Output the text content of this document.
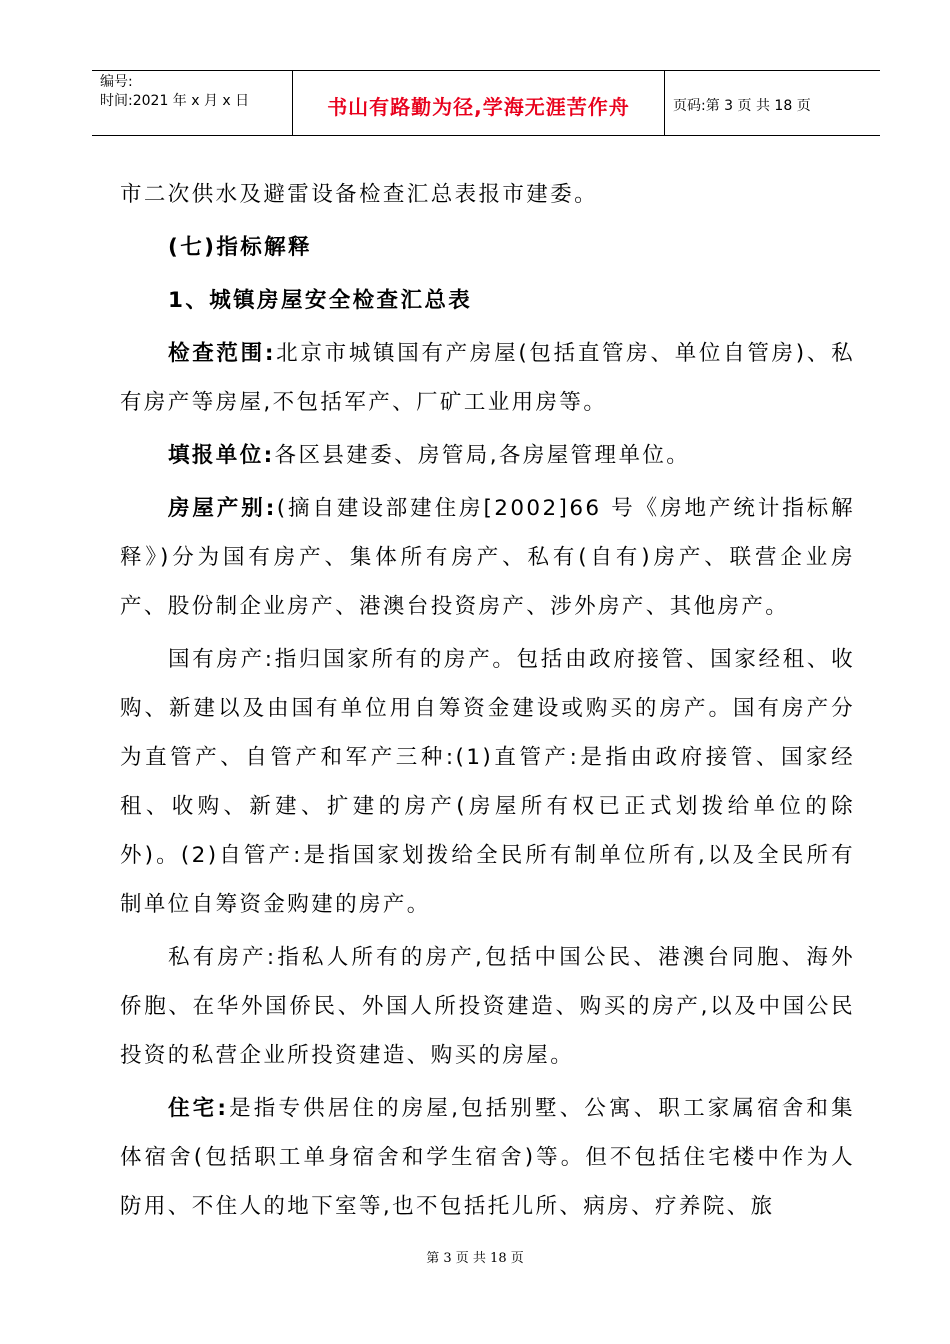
编号:
时间:2021 年 x 月 x 日	书山有路勤为径,学海无涯苦作舟	页码:第 3 页 共 18 页

市二次供水及避雷设备检查汇总表报市建委。

(七)指标解释

1、城镇房屋安全检查汇总表

检查范围:北京市城镇国有产房屋(包括直管房、单位自管房)、私有房产等房屋,不包括军产、厂矿工业用房等。

填报单位:各区县建委、房管局,各房屋管理单位。

房屋产别:(摘自建设部建住房[2002]66 号《房地产统计指标解释》)分为国有房产、集体所有房产、私有(自有)房产、联营企业房产、股份制企业房产、港澳台投资房产、涉外房产、其他房产。

国有房产:指归国家所有的房产。包括由政府接管、国家经租、收购、新建以及由国有单位用自筹资金建设或购买的房产。国有房产分为直管产、自管产和军产三种:(1)直管产:是指由政府接管、国家经租、收购、新建、扩建的房产(房屋所有权已正式划拨给单位的除外)。(2)自管产:是指国家划拨给全民所有制单位所有,以及全民所有制单位自筹资金购建的房产。

私有房产:指私人所有的房产,包括中国公民、港澳台同胞、海外侨胞、在华外国侨民、外国人所投资建造、购买的房产,以及中国公民投资的私营企业所投资建造、购买的房屋。

住宅:是指专供居住的房屋,包括别墅、公寓、职工家属宿舍和集体宿舍(包括职工单身宿舍和学生宿舍)等。但不包括住宅楼中作为人防用、不住人的地下室等,也不包括托儿所、病房、疗养院、旅

第 3 页 共 18 页
